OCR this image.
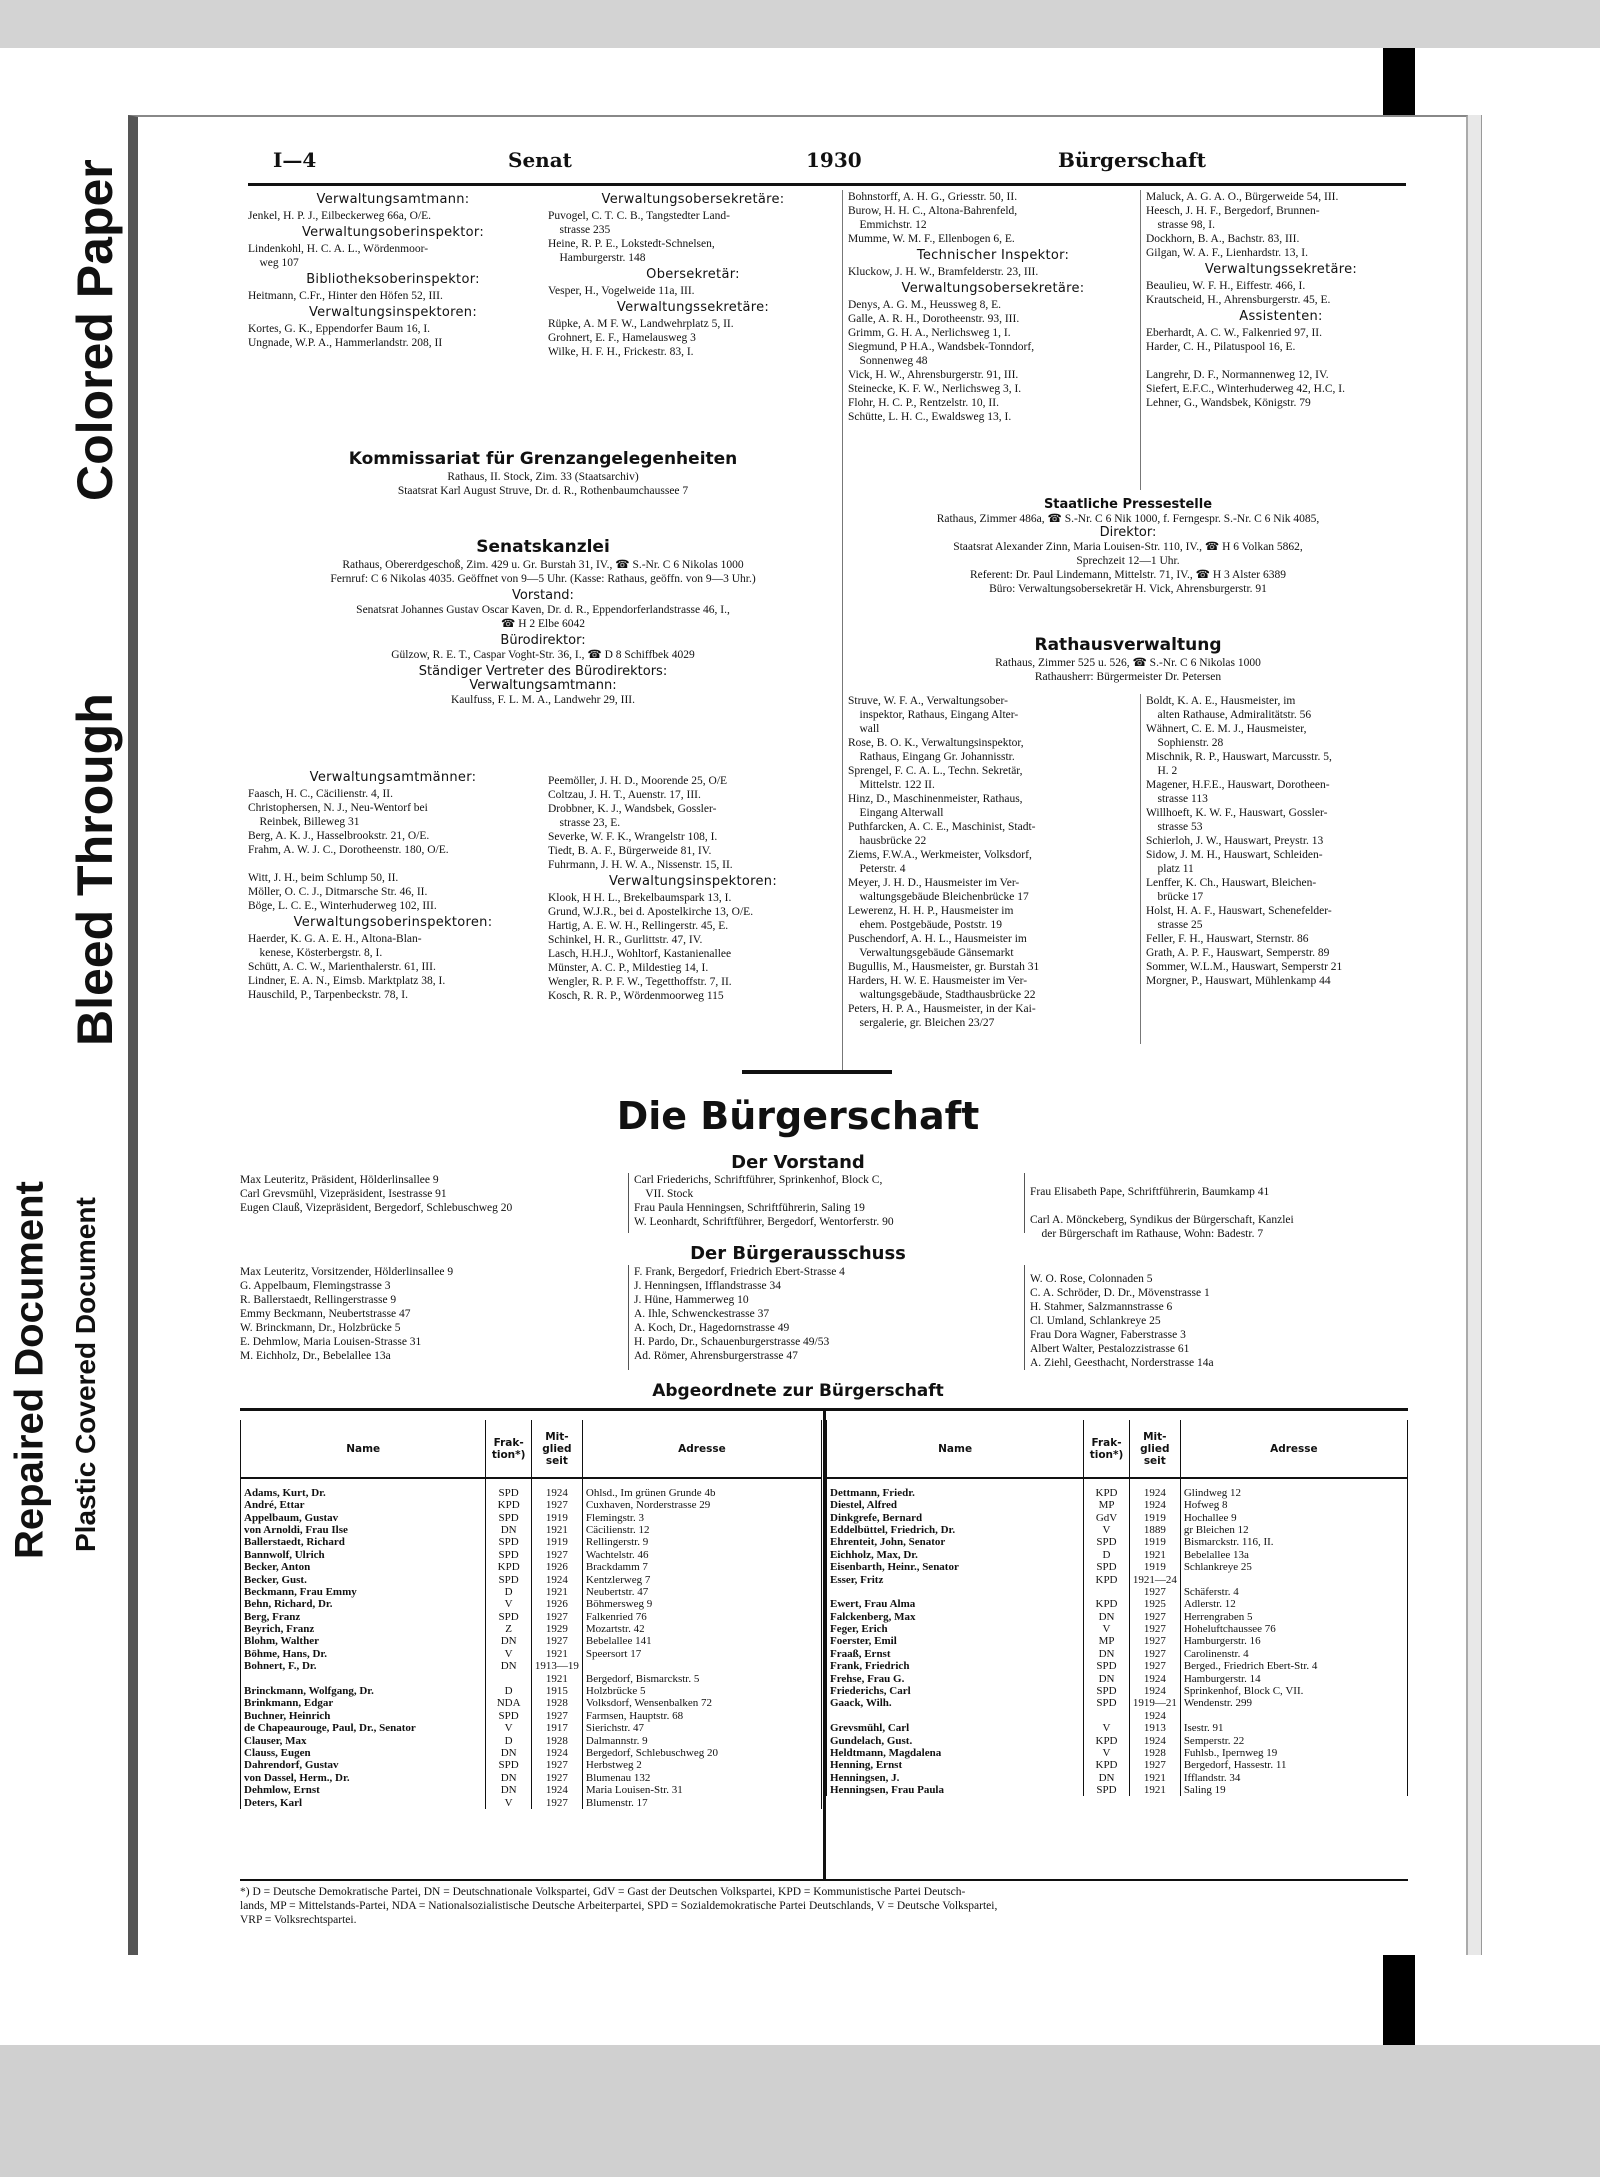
Colored Paper
Bleed Through
Plastic Covered Document
Repaired Document
I—4	Senat	1930	Bürgerschaft
Verwaltungsamtmann:
Jenkel, H. P. J., Eilbeckerweg 66a, O/E.
Verwaltungsoberinspektor:
Lindenkohl, H. C. A. L., Wördenmoor-
weg 107
Bibliotheksoberinspektor:
Heitmann, C.Fr., Hinter den Höfen 52, III.
Verwaltungsinspektoren:
Kortes, G. K., Eppendorfer Baum 16, I.
Ungnade, W.P. A., Hammerlandstr. 208, II
Verwaltungsobersekretäre:
Puvogel, C. T. C. B., Tangstedter Land-
strasse 235
Heine, R. P. E., Lokstedt-Schnelsen,
Hamburgerstr. 148
Obersekretär:
Vesper, H., Vogelweide 11a, III.
Verwaltungssekretäre:
Rüpke, A. M F. W., Landwehrplatz 5, II.
Grohnert, E. F., Hamelausweg 3
Wilke, H. F. H., Frickestr. 83, I.
Kommissariat für Grenzangelegenheiten
Rathaus, II. Stock, Zim. 33 (Staatsarchiv)
Staatsrat Karl August Struve, Dr. d. R., Rothenbaumchaussee 7
Senatskanzlei
Rathaus, Obererdgeschoß, Zim. 429 u. Gr. Burstah 31, IV., ☎ S.-Nr. C 6 Nikolas 1000
Fernruf: C 6 Nikolas 4035. Geöffnet von 9—5 Uhr. (Kasse: Rathaus, geöffn. von 9—3 Uhr.)
Vorstand:
Senatsrat Johannes Gustav Oscar Kaven, Dr. d. R., Eppendorferlandstrasse 46, I.,
☎ H 2 Elbe 6042
Bürodirektor:
Gülzow, R. E. T., Caspar Voght-Str. 36, I., ☎ D 8 Schiffbek 4029
Ständiger Vertreter des Bürodirektors:
Verwaltungsamtmann:
Kaulfuss, F. L. M. A., Landwehr 29, III.
Verwaltungsamtmänner:
Faasch, H. C., Cäcilienstr. 4, II.
Christophersen, N. J., Neu-Wentorf bei
Reinbek, Billeweg 31
Berg, A. K. J., Hasselbrookstr. 21, O/E.
Frahm, A. W. J. C., Dorotheenstr. 180, O/E.

Witt, J. H., beim Schlump 50, II.
Möller, O. C. J., Ditmarsche Str. 46, II.
Böge, L. C. E., Winterhuderweg 102, III.
Verwaltungsoberinspektoren:
Haerder, K. G. A. E. H., Altona-Blan-
kenese, Kösterbergstr. 8, I.
Schütt, A. C. W., Marienthalerstr. 61, III.
Lindner, E. A. N., Eimsb. Marktplatz 38, I.
Hauschild, P., Tarpenbeckstr. 78, I.
Peemöller, J. H. D., Moorende 25, O/E
Coltzau, J. H. T., Auenstr. 17, III.
Drobbner, K. J., Wandsbek, Gossler-
strasse 23, E.
Severke, W. F. K., Wrangelstr 108, I.
Tiedt, B. A. F., Bürgerweide 81, IV.
Fuhrmann, J. H. W. A., Nissenstr. 15, II.
Verwaltungsinspektoren:
Klook, H H. L., Brekelbaumspark 13, I.
Grund, W.J.R., bei d. Apostelkirche 13, O/E.
Hartig, A. E. W. H., Rellingerstr. 45, E.
Schinkel, H. R., Gurlittstr. 47, IV.
Lasch, H.H.J., Wohltorf, Kastanienallee
Münster, A. C. P., Mildestieg 14, I.
Wengler, R. P. F. W., Tegetthoffstr. 7, II.
Kosch, R. R. P., Wördenmoorweg 115
Bohnstorff, A. H. G., Griesstr. 50, II.
Burow, H. H. C., Altona-Bahrenfeld,
Emmichstr. 12
Mumme, W. M. F., Ellenbogen 6, E.
Technischer Inspektor:
Kluckow, J. H. W., Bramfelderstr. 23, III.
Verwaltungsobersekretäre:
Denys, A. G. M., Heussweg 8, E.
Galle, A. R. H., Dorotheenstr. 93, III.
Grimm, G. H. A., Nerlichsweg 1, I.
Siegmund, P H.A., Wandsbek-Tonndorf,
Sonnenweg 48
Vick, H. W., Ahrensburgerstr. 91, III.
Steinecke, K. F. W., Nerlichsweg 3, I.
Flohr, H. C. P., Rentzelstr. 10, II.
Schütte, L. H. C., Ewaldsweg 13, I.
Maluck, A. G. A. O., Bürgerweide 54, III.
Heesch, J. H. F., Bergedorf, Brunnen-
strasse 98, I.
Dockhorn, B. A., Bachstr. 83, III.
Gilgan, W. A. F., Lienhardstr. 13, I.
Verwaltungssekretäre:
Beaulieu, W. F. H., Eiffestr. 466, I.
Krautscheid, H., Ahrensburgerstr. 45, E.
Assistenten:
Eberhardt, A. C. W., Falkenried 97, II.
Harder, C. H., Pilatuspool 16, E.

Langrehr, D. F., Normannenweg 12, IV.
Siefert, E.F.C., Winterhuderweg 42, H.C, I.
Lehner, G., Wandsbek, Königstr. 79
Staatliche Pressestelle
Rathaus, Zimmer 486a, ☎ S.-Nr. C 6 Nik 1000, f. Ferngespr. S.-Nr. C 6 Nik 4085,
Direktor:
Staatsrat Alexander Zinn, Maria Louisen-Str. 110, IV., ☎ H 6 Volkan 5862,
Sprechzeit 12—1 Uhr.
Referent: Dr. Paul Lindemann, Mittelstr. 71, IV., ☎ H 3 Alster 6389
Büro: Verwaltungsobersekretär H. Vick, Ahrensburgerstr. 91
Rathausverwaltung
Rathaus, Zimmer 525 u. 526, ☎ S.-Nr. C 6 Nikolas 1000
Rathausherr: Bürgermeister Dr. Petersen
Struve, W. F. A., Verwaltungsober-
inspektor, Rathaus, Eingang Alter-
wall
Rose, B. O. K., Verwaltungsinspektor,
Rathaus, Eingang Gr. Johannisstr.
Sprengel, F. C. A. L., Techn. Sekretär,
Mittelstr. 122 II.
Hinz, D., Maschinenmeister, Rathaus,
Eingang Alterwall
Puthfarcken, A. C. E., Maschinist, Stadt-
hausbrücke 22
Ziems, F.W.A., Werkmeister, Volksdorf,
Peterstr. 4
Meyer, J. H. D., Hausmeister im Ver-
waltungsgebäude Bleichenbrücke 17
Lewerenz, H. H. P., Hausmeister im
ehem. Postgebäude, Poststr. 19
Puschendorf, A. H. L., Hausmeister im
Verwaltungsgebäude Gänsemarkt
Bugullis, M., Hausmeister, gr. Burstah 31
Harders, H. W. E. Hausmeister im Ver-
waltungsgebäude, Stadthausbrücke 22
Peters, H. P. A., Hausmeister, in der Kai-
sergalerie, gr. Bleichen 23/27
Boldt, K. A. E., Hausmeister, im
alten Rathause, Admiralitätstr. 56
Wähnert, C. E. M. J., Hausmeister,
Sophienstr. 28
Mischnik, R. P., Hauswart, Marcusstr. 5,
H. 2
Magener, H.F.E., Hauswart, Dorotheen-
strasse 113
Willhoeft, K. W. F., Hauswart, Gossler-
strasse 53
Schierloh, J. W., Hauswart, Preystr. 13
Sidow, J. M. H., Hauswart, Schleiden-
platz 11
Lenffer, K. Ch., Hauswart, Bleichen-
brücke 17
Holst, H. A. F., Hauswart, Schenefelder-
strasse 25
Feller, F. H., Hauswart, Sternstr. 86
Grath, A. P. F., Hauswart, Semperstr. 89
Sommer, W.L.M., Hauswart, Semperstr 21
Morgner, P., Hauswart, Mühlenkamp 44
Die Bürgerschaft
Der Vorstand
Max Leuteritz, Präsident, Hölderlinsallee 9
Carl Grevsmühl, Vizepräsident, Isestrasse 91
Eugen Clauß, Vizepräsident, Bergedorf, Schlebuschweg 20
Carl Friederichs, Schriftführer, Sprinkenhof, Block C,
VII. Stock
Frau Paula Henningsen, Schriftführerin, Saling 19
W. Leonhardt, Schriftführer, Bergedorf, Wentorferstr. 90
Frau Elisabeth Pape, Schriftführerin, Baumkamp 41

Carl A. Mönckeberg, Syndikus der Bürgerschaft, Kanzlei
der Bürgerschaft im Rathause, Wohn: Badestr. 7
Der Bürgerausschuss
Max Leuteritz, Vorsitzender, Hölderlinsallee 9
G. Appelbaum, Flemingstrasse 3
R. Ballerstaedt, Rellingerstrasse 9
Emmy Beckmann, Neubertstrasse 47
W. Brinckmann, Dr., Holzbrücke 5
E. Dehmlow, Maria Louisen-Strasse 31
M. Eichholz, Dr., Bebelallee 13a
F. Frank, Bergedorf, Friedrich Ebert-Strasse 4
J. Henningsen, Ifflandstrasse 34
J. Hüne, Hammerweg 10
A. Ihle, Schwenckestrasse 37
A. Koch, Dr., Hagedornstrasse 49
H. Pardo, Dr., Schauenburgerstrasse 49/53
Ad. Römer, Ahrensburgerstrasse 47
W. O. Rose, Colonnaden 5
C. A. Schröder, D. Dr., Mövenstrasse 1
H. Stahmer, Salzmannstrasse 6
Cl. Umland, Schlankreye 25
Frau Dora Wagner, Faberstrasse 3
Albert Walter, Pestalozzistrasse 61
A. Ziehl, Geesthacht, Norderstrasse 14a
Abgeordnete zur Bürgerschaft
Name	Frak-tion*)	Mit-glied seit	Adresse
Adams, Kurt, Dr.	SPD	1924	Ohlsd., Im grünen Grunde 4b
André, Ettar	KPD	1927	Cuxhaven, Norderstrasse 29
Appelbaum, Gustav	SPD	1919	Flemingstr. 3
von Arnoldi, Frau Ilse	DN	1921	Cäcilienstr. 12
Ballerstaedt, Richard	SPD	1919	Rellingerstr. 9
Bannwolf, Ulrich	SPD	1927	Wachtelstr. 46
Becker, Anton	KPD	1926	Brackdamm 7
Becker, Gust.	SPD	1924	Kentzlerweg 7
Beckmann, Frau Emmy	D	1921	Neubertstr. 47
Behn, Richard, Dr.	V	1926	Böhmersweg 9
Berg, Franz	SPD	1927	Falkenried 76
Beyrich, Franz	Z	1929	Mozartstr. 42
Blohm, Walther	DN	1927	Bebelallee 141
Böhme, Hans, Dr.	V	1921	Speersort 17
Bohnert, F., Dr.	DN	1913—19	
		1921	Bergedorf, Bismarckstr. 5
Brinckmann, Wolfgang, Dr.	D	1915	Holzbrücke 5
Brinkmann, Edgar	NDA	1928	Volksdorf, Wensenbalken 72
Buchner, Heinrich	SPD	1927	Farmsen, Hauptstr. 68
de Chapeaurouge, Paul, Dr., Senator	V	1917	Sierichstr. 47
Clauser, Max	D	1928	Dalmannstr. 9
Clauss, Eugen	DN	1924	Bergedorf, Schlebuschweg 20
Dahrendorf, Gustav	SPD	1927	Herbstweg 2
von Dassel, Herm., Dr.	DN	1927	Blumenau 132
Dehmlow, Ernst	DN	1924	Maria Louisen-Str. 31
Deters, Karl	V	1927	Blumenstr. 17
Name	Frak-tion*)	Mit-glied seit	Adresse
Dettmann, Friedr.	KPD	1924	Glindweg 12
Diestel, Alfred	MP	1924	Hofweg 8
Dinkgrefe, Bernard	GdV	1919	Hochallee 9
Eddelbüttel, Friedrich, Dr.	V	1889	gr Bleichen 12
Ehrenteit, John, Senator	SPD	1919	Bismarckstr. 116, II.
Eichholz, Max, Dr.	D	1921	Bebelallee 13a
Eisenbarth, Heinr., Senator	SPD	1919	Schlankreye 25
Esser, Fritz	KPD	1921—24	
		1927	Schäferstr. 4
Ewert, Frau Alma	KPD	1925	Adlerstr. 12
Falckenberg, Max	DN	1927	Herrengraben 5
Feger, Erich	V	1927	Hoheluftchaussee 76
Foerster, Emil	MP	1927	Hamburgerstr. 16
Fraaß, Ernst	DN	1927	Carolinenstr. 4
Frank, Friedrich	SPD	1927	Berged., Friedrich Ebert-Str. 4
Frehse, Frau G.	DN	1924	Hamburgerstr. 14
Friederichs, Carl	SPD	1924	Sprinkenhof, Block C, VII.
Gaack, Wilh.	SPD	1919—21	Wendenstr. 299
		1924	
Grevsmühl, Carl	V	1913	Isestr. 91
Gundelach, Gust.	KPD	1924	Semperstr. 22
Heldtmann, Magdalena	V	1928	Fuhlsb., Ipernweg 19
Henning, Ernst	KPD	1927	Bergedorf, Hassestr. 11
Henningsen, J.	DN	1921	Ifflandstr. 34
Henningsen, Frau Paula	SPD	1921	Saling 19
*) D = Deutsche Demokratische Partei, DN = Deutschnationale Volkspartei, GdV = Gast der Deutschen Volkspartei, KPD = Kommunistische Partei Deutsch-
lands, MP = Mittelstands-Partei, NDA = Nationalsozialistische Deutsche Arbeiterpartei, SPD = Sozialdemokratische Partei Deutschlands, V = Deutsche Volkspartei,
VRP = Volksrechtspartei.
